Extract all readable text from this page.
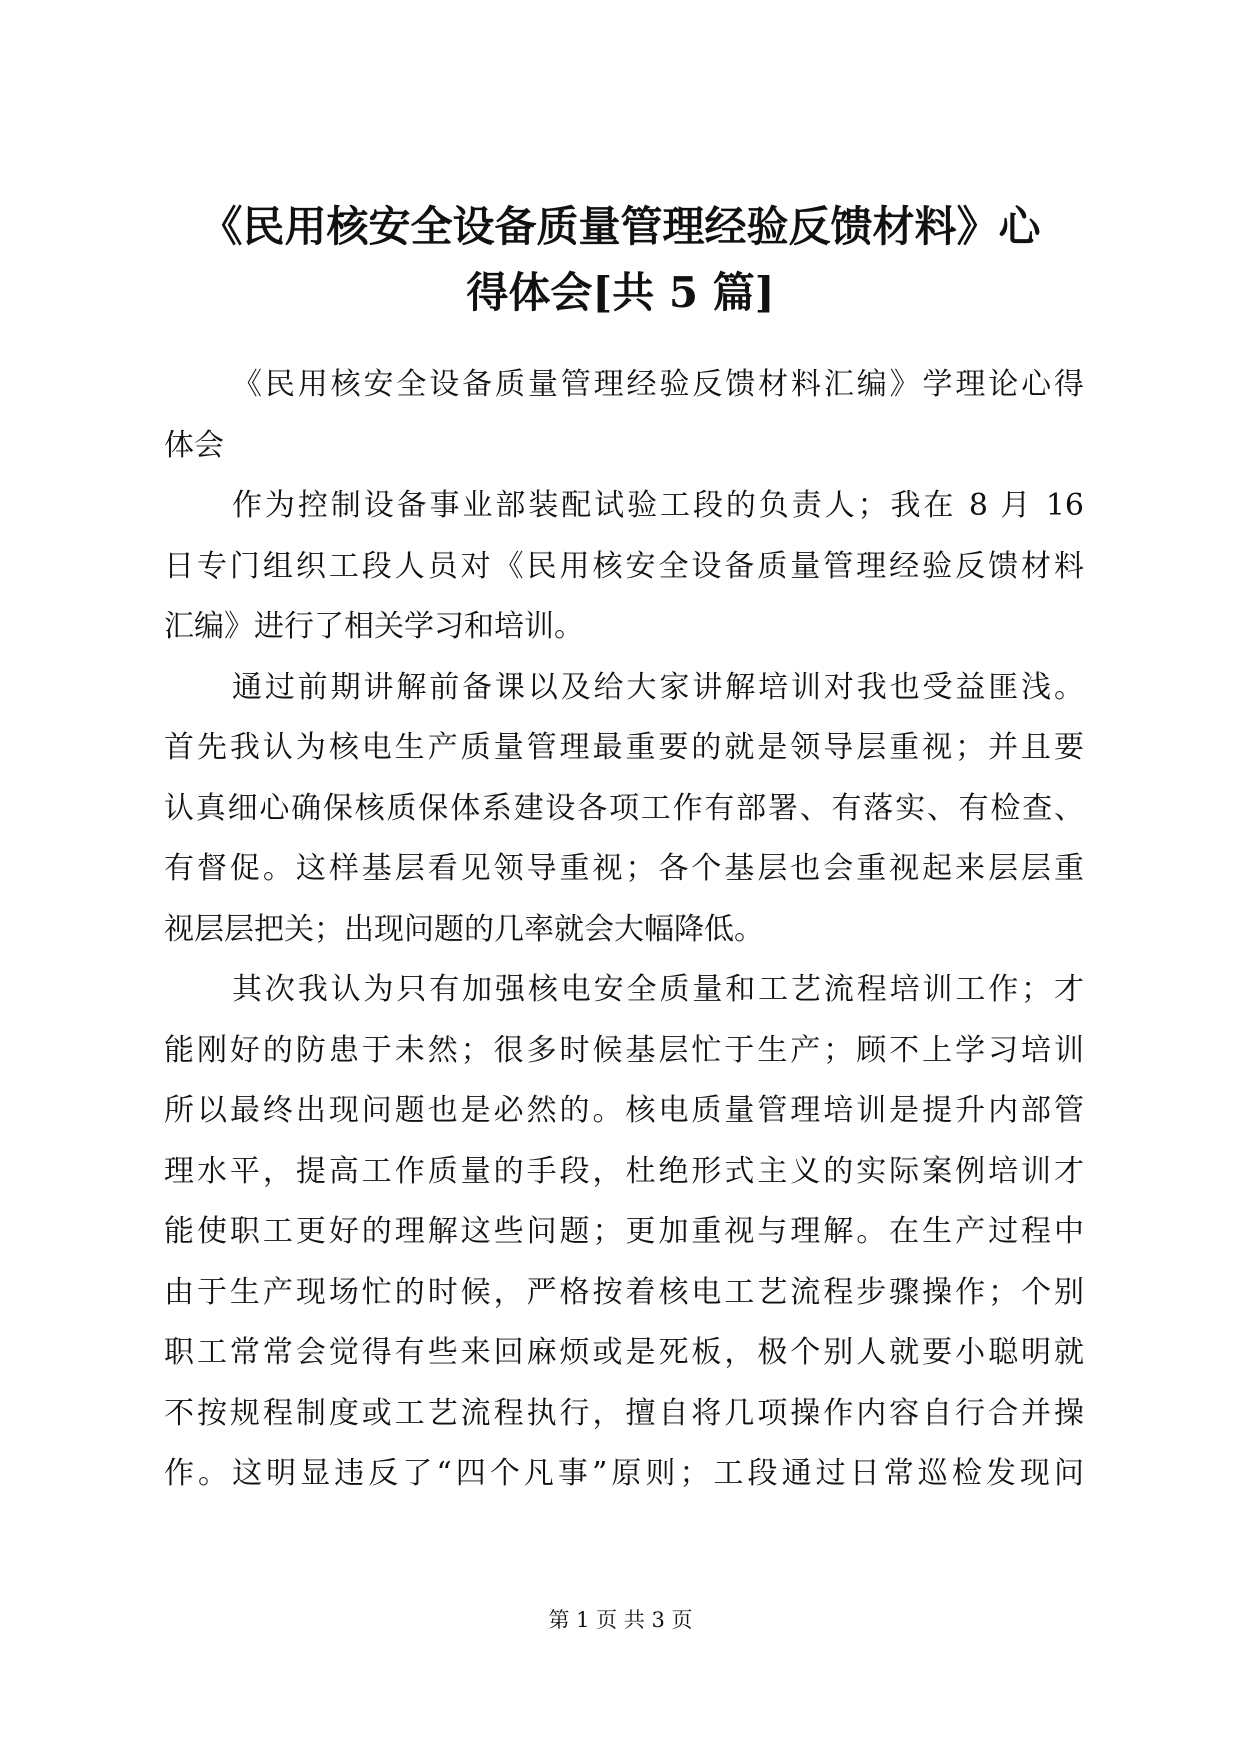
《民用核安全设备质量管理经验反馈材料》心
得体会[共 5 篇]
《民用核安全设备质量管理经验反馈材料汇编》学理论心得
体会
作为控制设备事业部装配试验工段的负责人；我在 8 月 16
日专门组织工段人员对《民用核安全设备质量管理经验反馈材料
汇编》进行了相关学习和培训。
通过前期讲解前备课以及给大家讲解培训对我也受益匪浅。
首先我认为核电生产质量管理最重要的就是领导层重视；并且要
认真细心确保核质保体系建设各项工作有部署、有落实、有检查、
有督促。这样基层看见领导重视；各个基层也会重视起来层层重
视层层把关；出现问题的几率就会大幅降低。
其次我认为只有加强核电安全质量和工艺流程培训工作；才
能刚好的防患于未然；很多时候基层忙于生产；顾不上学习培训
所以最终出现问题也是必然的。核电质量管理培训是提升内部管
理水平，提高工作质量的手段，杜绝形式主义的实际案例培训才
能使职工更好的理解这些问题；更加重视与理解。在生产过程中
由于生产现场忙的时候，严格按着核电工艺流程步骤操作；个别
职工常常会觉得有些来回麻烦或是死板，极个别人就要小聪明就
不按规程制度或工艺流程执行，擅自将几项操作内容自行合并操
作。这明显违反了“四个凡事”原则；工段通过日常巡检发现问
第 1 页 共 3 页
